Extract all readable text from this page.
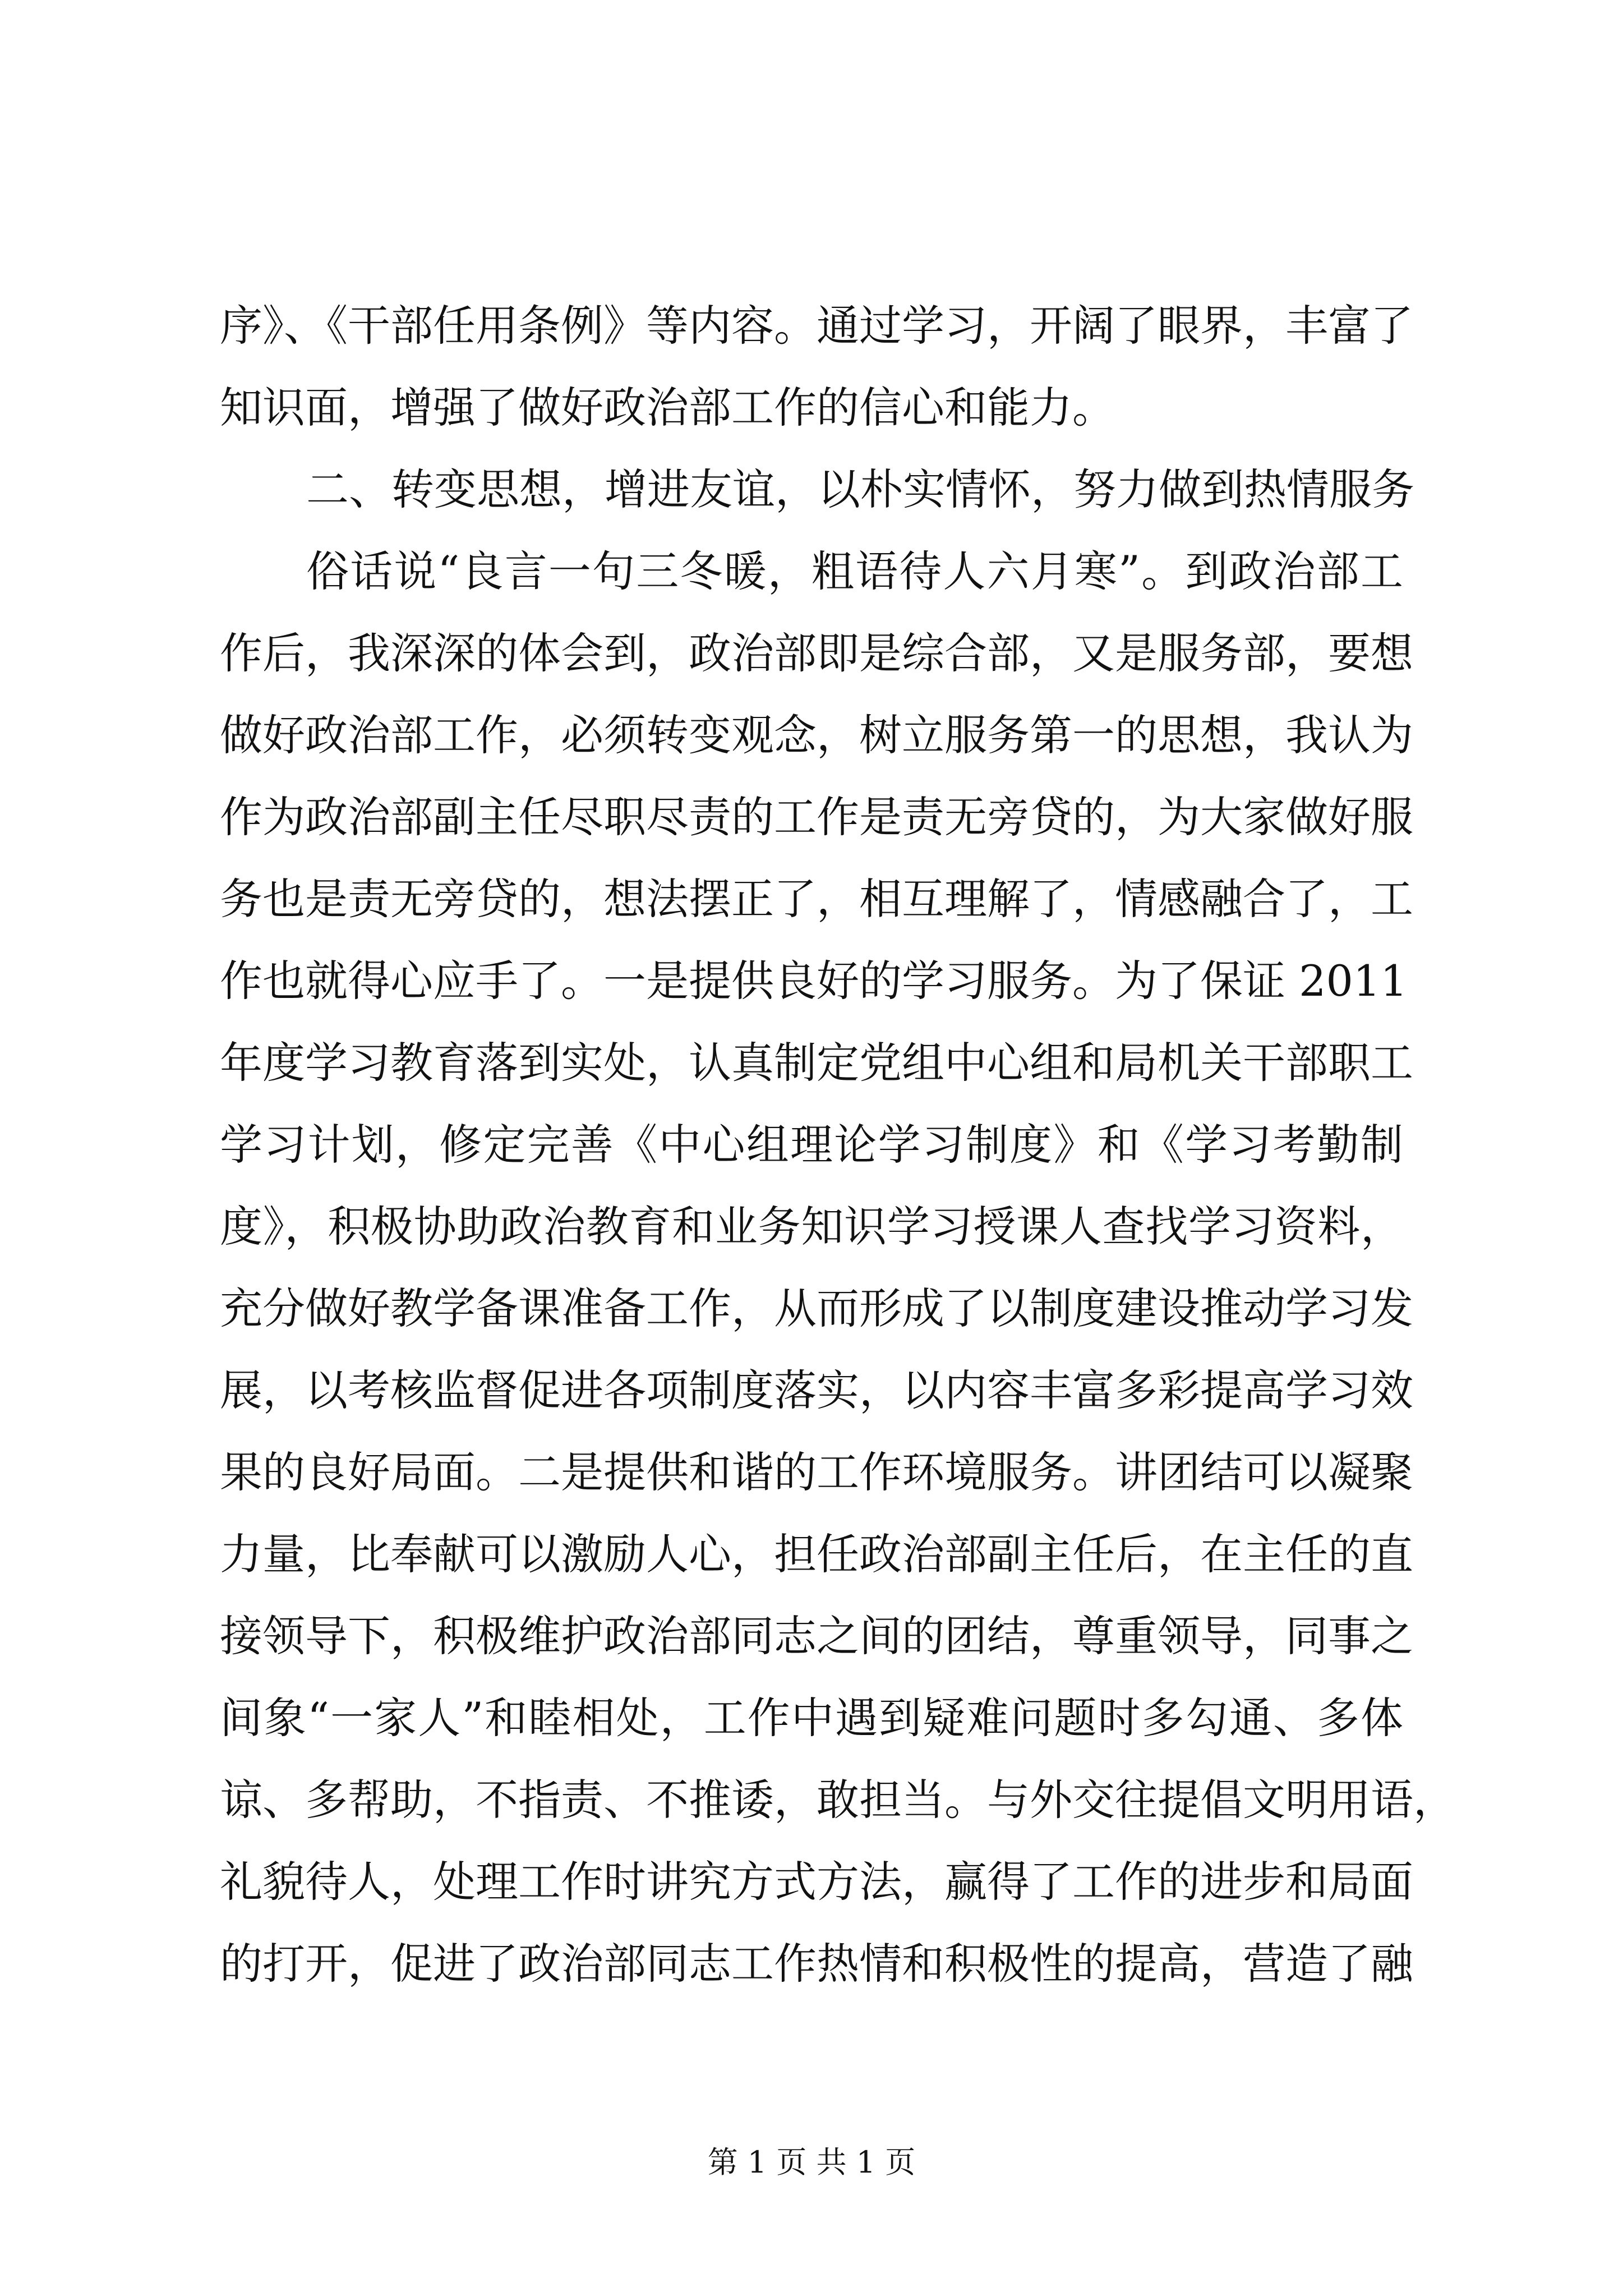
序》、《干部任用条例》等内容。通过学习，开阔了眼界，丰富了
知识面，增强了做好政治部工作的信心和能力。
二、转变思想，增进友谊，以朴实情怀，努力做到热情服务
俗话说“良言一句三冬暖，粗语待人六月寒”。到政治部工
作后，我深深的体会到，政治部即是综合部，又是服务部，要想
做好政治部工作，必须转变观念，树立服务第一的思想，我认为
作为政治部副主任尽职尽责的工作是责无旁贷的，为大家做好服
务也是责无旁贷的，想法摆正了，相互理解了，情感融合了，工
作也就得心应手了。一是提供良好的学习服务。为了保证 2011
年度学习教育落到实处，认真制定党组中心组和局机关干部职工
学习计划，修定完善《中心组理论学习制度》和《学习考勤制
度》，积极协助政治教育和业务知识学习授课人查找学习资料，
充分做好教学备课准备工作，从而形成了以制度建设推动学习发
展，以考核监督促进各项制度落实，以内容丰富多彩提高学习效
果的良好局面。二是提供和谐的工作环境服务。讲团结可以凝聚
力量，比奉献可以激励人心，担任政治部副主任后，在主任的直
接领导下，积极维护政治部同志之间的团结，尊重领导，同事之
间象“一家人”和睦相处，工作中遇到疑难问题时多勾通、多体
谅、多帮助，不指责、不推诿，敢担当。与外交往提倡文明用语，
礼貌待人，处理工作时讲究方式方法，赢得了工作的进步和局面
的打开，促进了政治部同志工作热情和积极性的提高，营造了融
第 1 页 共 1 页
